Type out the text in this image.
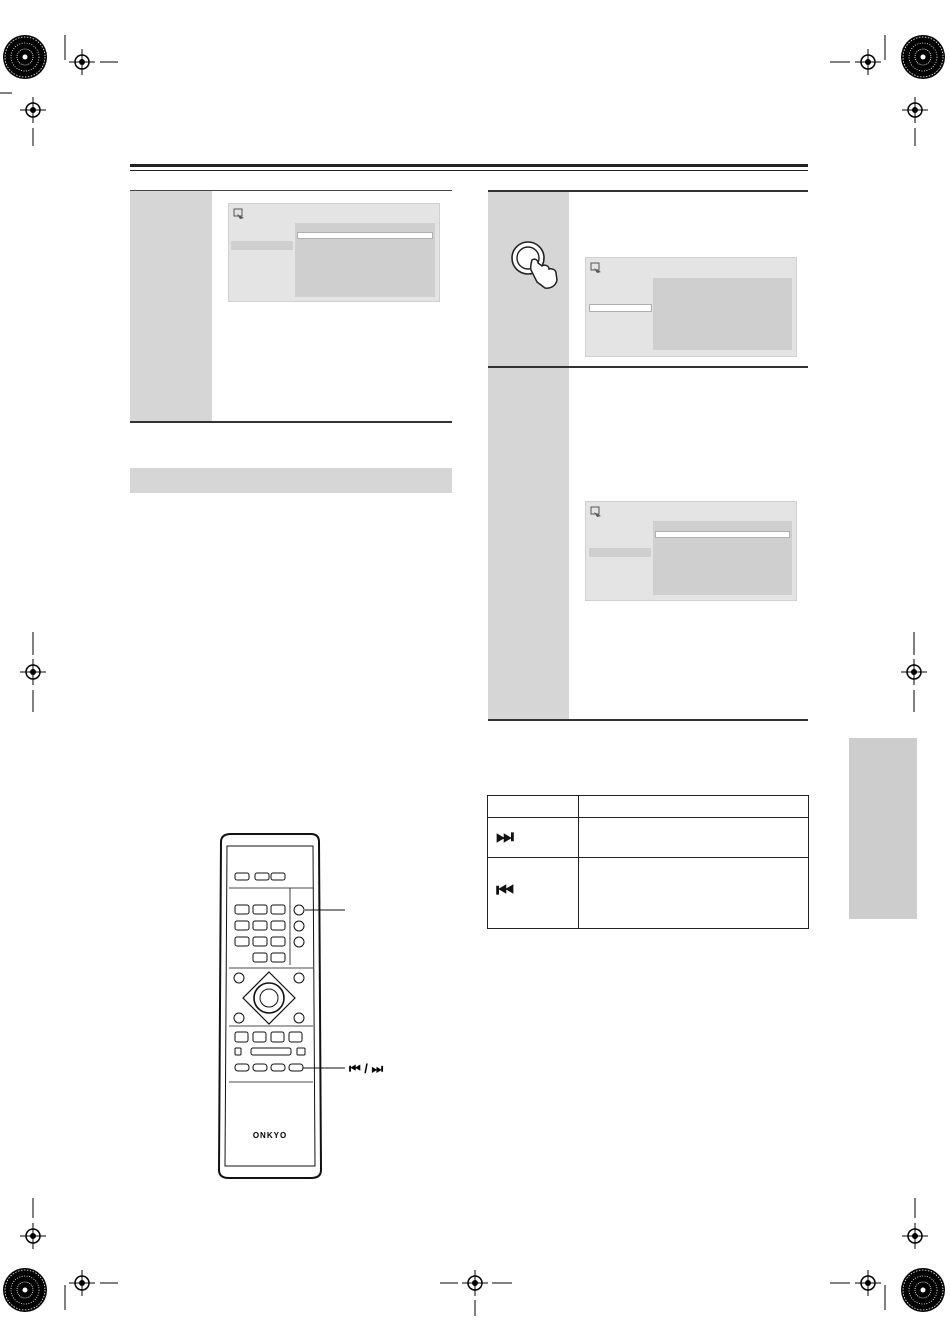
⏭
⏮
ONKYO
⏮ / ⏭
